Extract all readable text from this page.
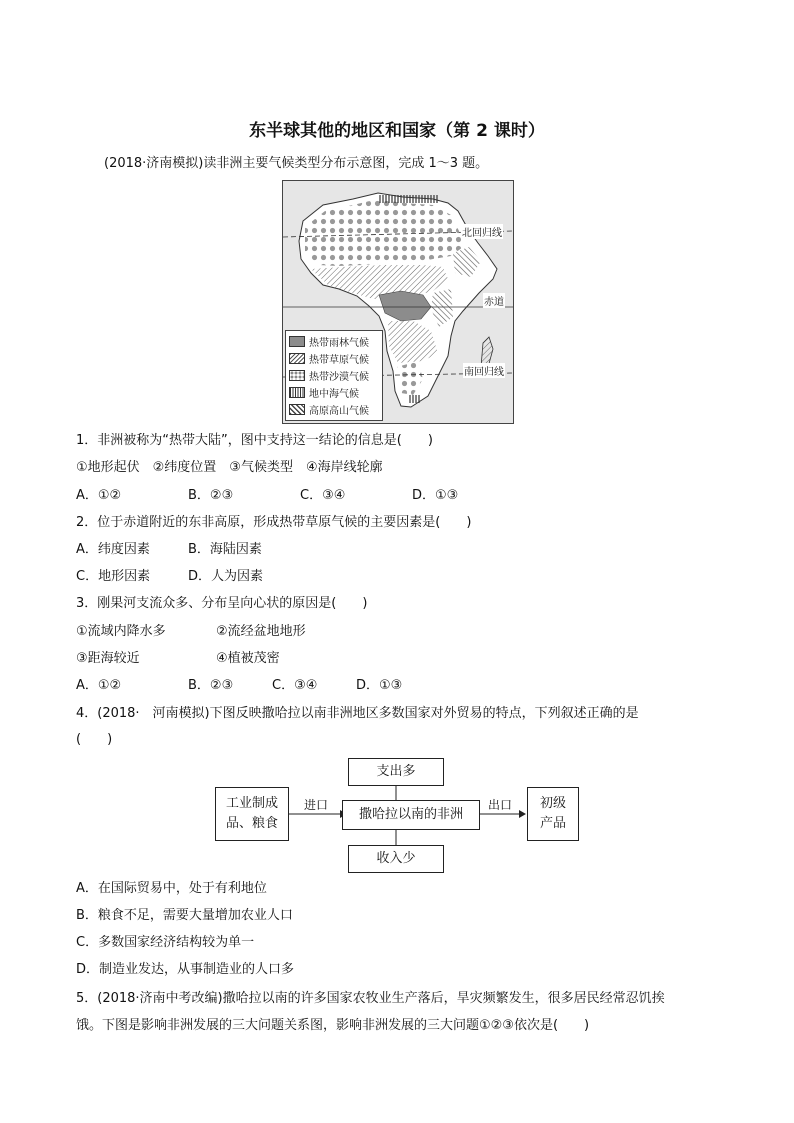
东半球其他的地区和国家（第 2 课时）
(2018·济南模拟)读非洲主要气候类型分布示意图，完成 1～3 题。
北回归线
赤道
南回归线
热带雨林气候
热带草原气候
热带沙漠气候
地中海气候
高原高山气候
1．非洲被称为“热带大陆”，图中支持这一结论的信息是(　　)
①地形起伏　②纬度位置　③气候类型　④海岸线轮廓
A．①②	B．②③	C．③④	D．①③
2．位于赤道附近的东非高原，形成热带草原气候的主要因素是(　　)
A．纬度因素	B．海陆因素
C．地形因素	D．人为因素
3．刚果河支流众多、分布呈向心状的原因是(　　)
①流域内降水多	②流经盆地地形
③距海较近	④植被茂密
A．①②	B．②③	C．③④	D．①③
4．(2018·　河南模拟)下图反映撒哈拉以南非洲地区多数国家对外贸易的特点，下列叙述正确的是
(　　)
支出多
收入少
撒哈拉以南的非洲
工业制成
品、粮食
初级
产品
进口	出口
A．在国际贸易中，处于有利地位
B．粮食不足，需要大量增加农业人口
C．多数国家经济结构较为单一
D．制造业发达，从事制造业的人口多
5．(2018·济南中考改编)撒哈拉以南的许多国家农牧业生产落后，旱灾频繁发生，很多居民经常忍饥挨
饿。下图是影响非洲发展的三大问题关系图，影响非洲发展的三大问题①②③依次是(　　)
